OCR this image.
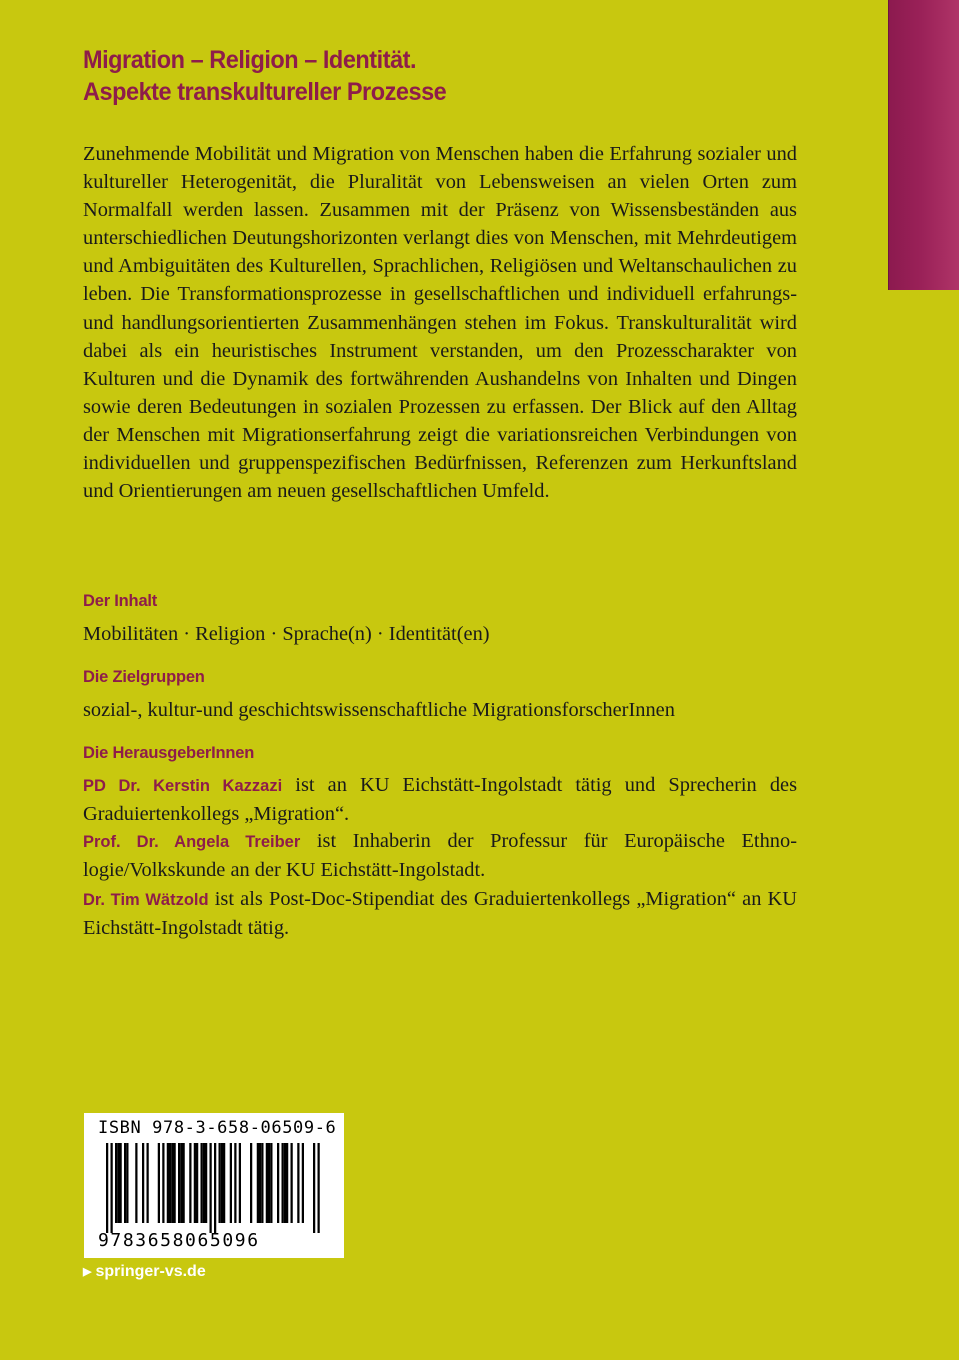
Migration – Religion – Identität.
Aspekte transkultureller Prozesse
Zunehmende Mobilität und Migration von Menschen haben die Erfahrung sozialer und kultureller Heterogenität, die Pluralität von Lebensweisen an vielen Orten zum Normalfall werden lassen. Zusammen mit der Präsenz von Wissensbeständen aus unterschiedlichen Deutungshorizonten verlangt dies von Menschen, mit Mehrdeutigem und Ambiguitäten des Kulturellen, Sprachlichen, Religiösen und Weltanschaulichen zu leben. Die Transformationsprozesse in gesellschaftlichen und individuell erfahrungs- und handlungsorientierten Zusammenhängen stehen im Fokus. Transkulturalität wird dabei als ein heuristisches Instrument verstanden, um den Prozesscharakter von Kulturen und die Dynamik des fortwährenden Aushandelns von Inhalten und Dingen sowie deren Bedeutungen in sozialen Prozessen zu erfassen. Der Blick auf den Alltag der Menschen mit Migrationserfahrung zeigt die variationsreichen Verbindungen von individuellen und gruppenspezifischen Bedürfnissen, Referenzen zum Herkunftsland und Orientierungen am neuen gesellschaftlichen Umfeld.
Der Inhalt
Mobilitäten · Religion · Sprache(n) · Identität(en)
Die Zielgruppen
sozial-, kultur-und geschichtswissenschaftliche MigrationsforscherInnen
Die HerausgeberInnen
PD Dr. Kerstin Kazzazi ist an KU Eichstätt-Ingolstadt tätig und Sprecherin des Graduiertenkollegs „Migration“.
Prof. Dr. Angela Treiber ist Inhaberin der Professur für Europäische Ethnologie/Volkskunde an der KU Eichstätt-Ingolstadt.
Dr. Tim Wätzold ist als Post-Doc-Stipendiat des Graduiertenkollegs „Migration“ an KU Eichstätt-Ingolstadt tätig.
ISBN 978-3-658-06509-6
9783658065096
▶ springer-vs.de
